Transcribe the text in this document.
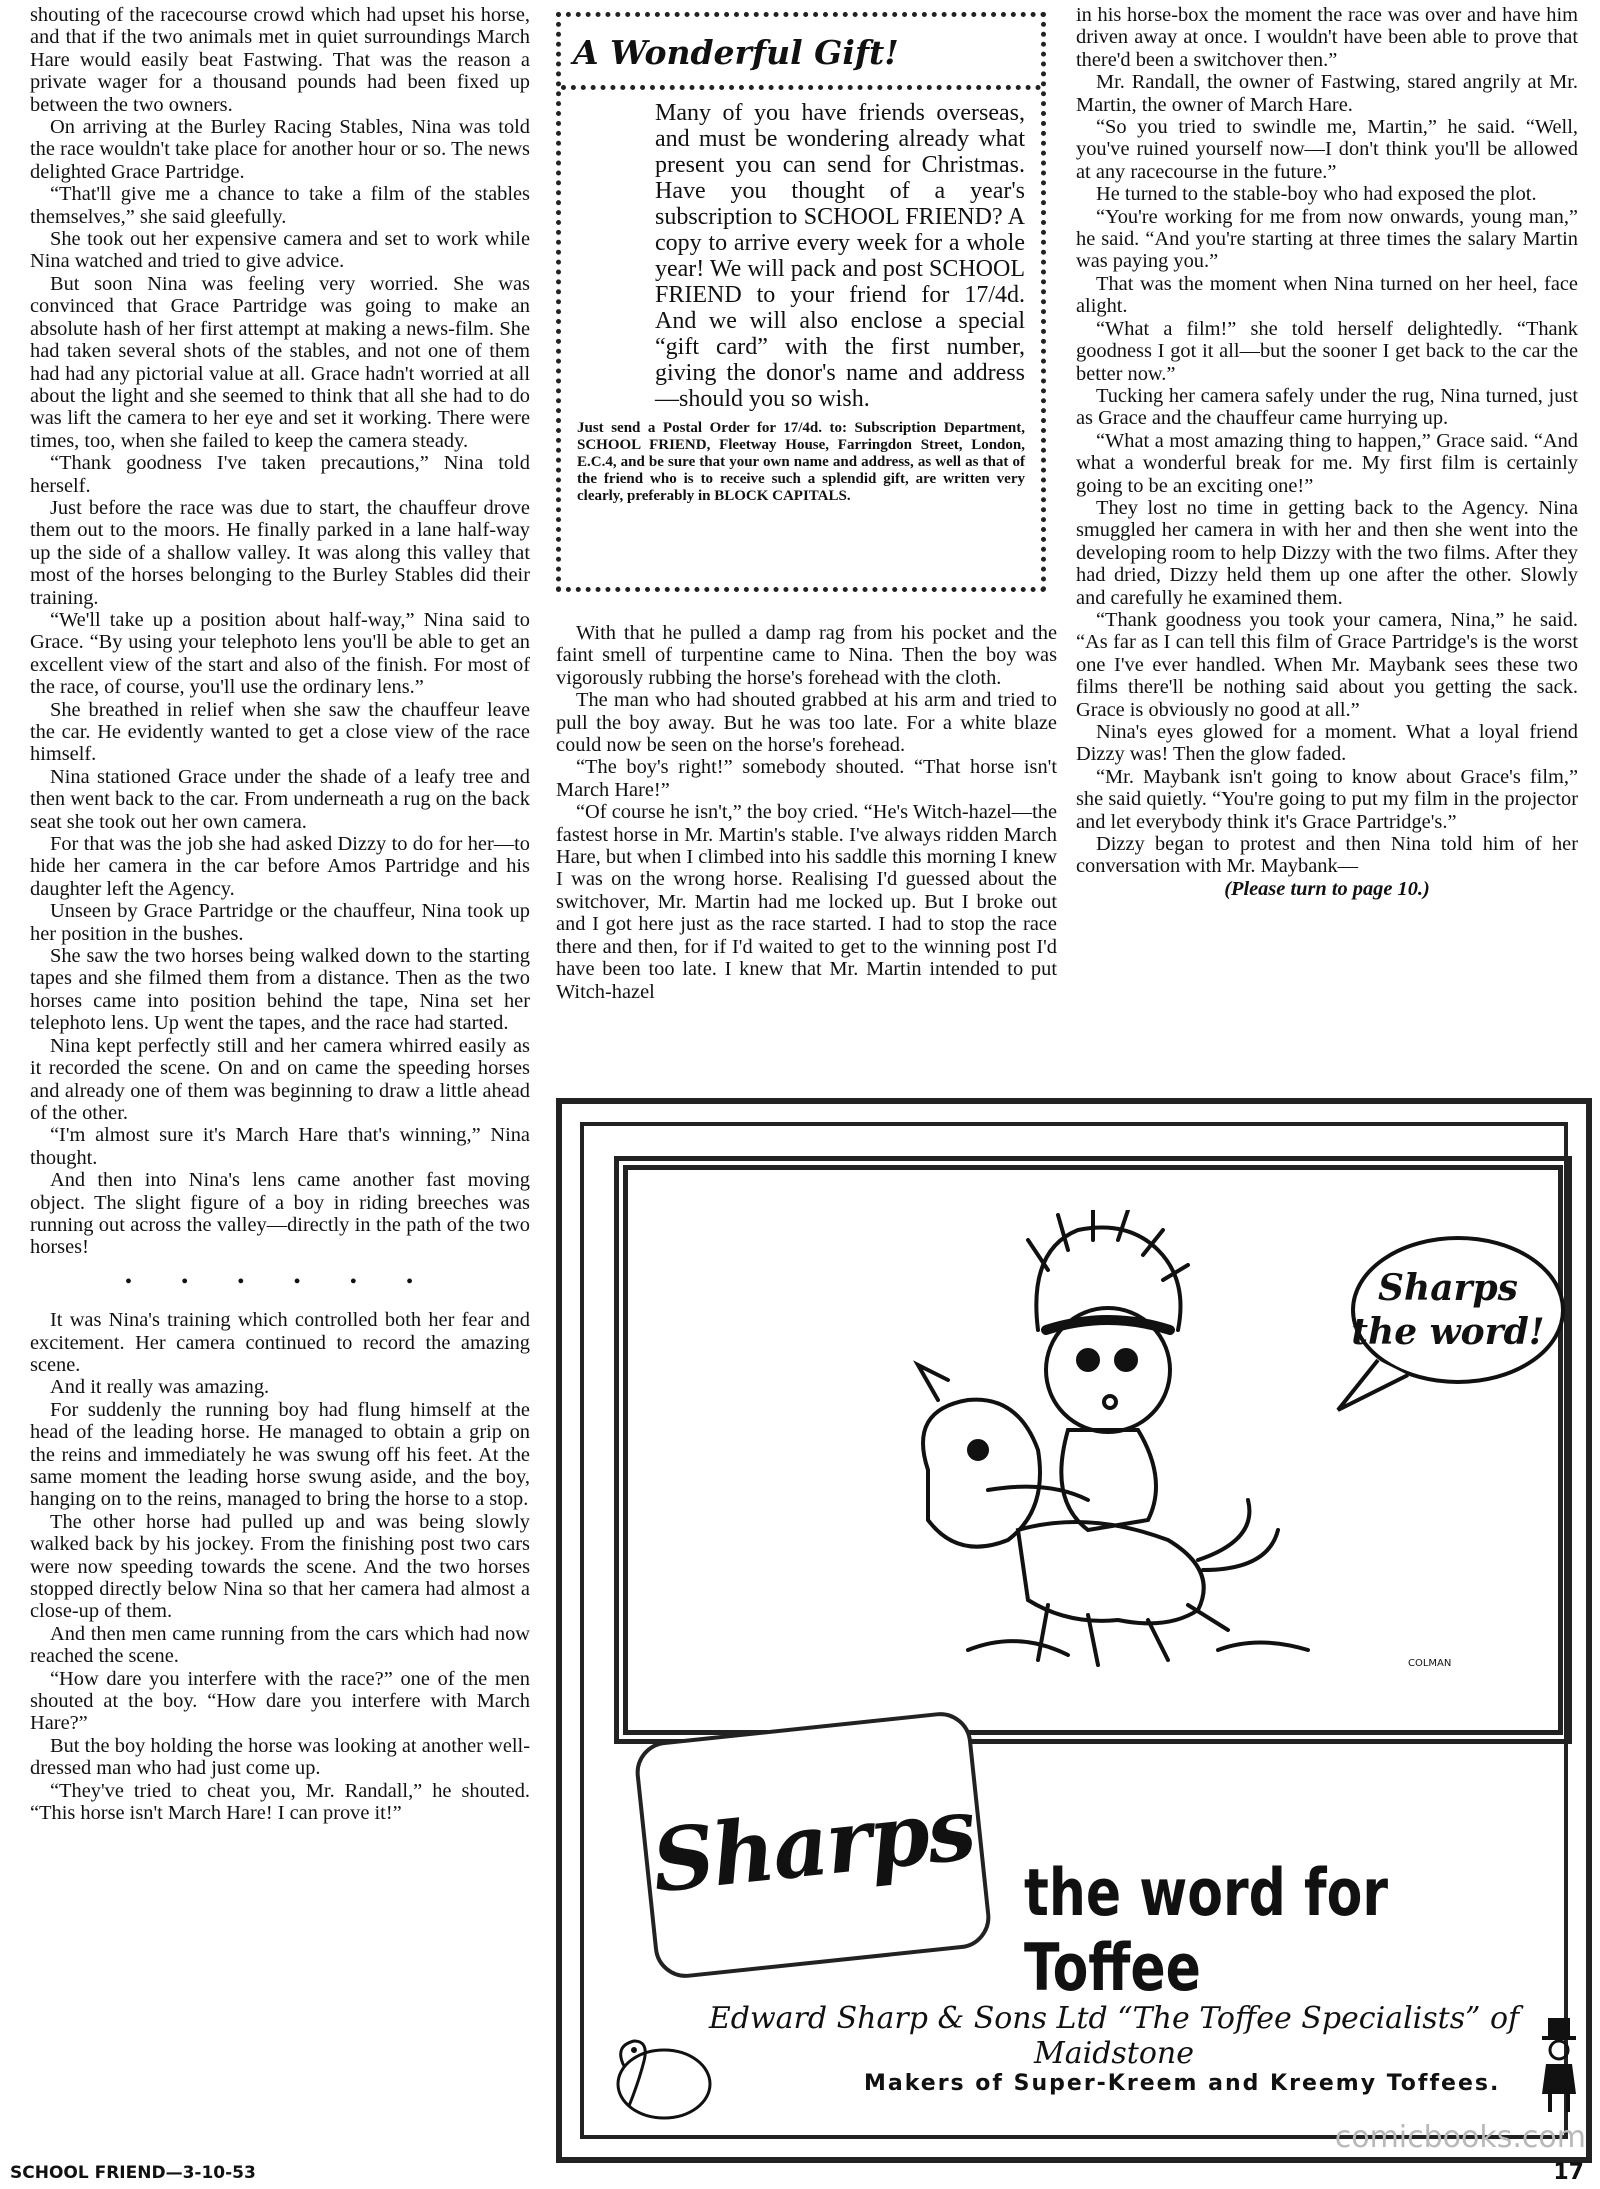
shouting of the racecourse crowd which had upset his horse, and that if the two animals met in quiet surroundings March Hare would easily beat Fastwing. That was the reason a private wager for a thousand pounds had been fixed up between the two owners.

On arriving at the Burley Racing Stables, Nina was told the race wouldn't take place for another hour or so. The news delighted Grace Partridge.

“That'll give me a chance to take a film of the stables themselves,” she said gleefully.

She took out her expensive camera and set to work while Nina watched and tried to give advice.

But soon Nina was feeling very worried. She was convinced that Grace Partridge was going to make an absolute hash of her first attempt at making a news-film. She had taken several shots of the stables, and not one of them had had any pictorial value at all. Grace hadn't worried at all about the light and she seemed to think that all she had to do was lift the camera to her eye and set it working. There were times, too, when she failed to keep the camera steady.

“Thank goodness I've taken precautions,” Nina told herself.

Just before the race was due to start, the chauffeur drove them out to the moors. He finally parked in a lane half-way up the side of a shallow valley. It was along this valley that most of the horses belonging to the Burley Stables did their training.

“We'll take up a position about half-way,” Nina said to Grace. “By using your telephoto lens you'll be able to get an excellent view of the start and also of the finish. For most of the race, of course, you'll use the ordinary lens.”

She breathed in relief when she saw the chauffeur leave the car. He evidently wanted to get a close view of the race himself.

Nina stationed Grace under the shade of a leafy tree and then went back to the car. From underneath a rug on the back seat she took out her own camera.

For that was the job she had asked Dizzy to do for her—to hide her camera in the car before Amos Partridge and his daughter left the Agency.

Unseen by Grace Partridge or the chauffeur, Nina took up her position in the bushes.

She saw the two horses being walked down to the starting tapes and she filmed them from a distance. Then as the two horses came into position behind the tape, Nina set her telephoto lens. Up went the tapes, and the race had started.

Nina kept perfectly still and her camera whirred easily as it recorded the scene. On and on came the speeding horses and already one of them was beginning to draw a little ahead of the other.

“I'm almost sure it's March Hare that's winning,” Nina thought.

And then into Nina's lens came another fast moving object. The slight figure of a boy in riding breeches was running out across the valley—directly in the path of the two horses!

• • • • • •

It was Nina's training which controlled both her fear and excitement. Her camera continued to record the amazing scene.

And it really was amazing.

For suddenly the running boy had flung himself at the head of the leading horse. He managed to obtain a grip on the reins and immediately he was swung off his feet. At the same moment the leading horse swung aside, and the boy, hanging on to the reins, managed to bring the horse to a stop.

The other horse had pulled up and was being slowly walked back by his jockey. From the finishing post two cars were now speeding towards the scene. And the two horses stopped directly below Nina so that her camera had almost a close-up of them.

And then men came running from the cars which had now reached the scene.

“How dare you interfere with the race?” one of the men shouted at the boy. “How dare you interfere with March Hare?”

But the boy holding the horse was looking at another well-dressed man who had just come up.

“They've tried to cheat you, Mr. Randall,” he shouted. “This horse isn't March Hare! I can prove it!”

A Wonderful Gift!
Many of you have friends overseas, and must be wondering already what present you can send for Christmas. Have you thought of a year's subscription to SCHOOL FRIEND? A copy to arrive every week for a whole year! We will pack and post SCHOOL FRIEND to your friend for 17/4d. And we will also enclose a special “gift card” with the first number, giving the donor's name and address—should you so wish.
Just send a Postal Order for 17/4d. to: Subscription Department, SCHOOL FRIEND, Fleetway House, Farringdon Street, London, E.C.4, and be sure that your own name and address, as well as that of the friend who is to receive such a splendid gift, are written very clearly, preferably in BLOCK CAPITALS.

With that he pulled a damp rag from his pocket and the faint smell of turpentine came to Nina. Then the boy was vigorously rubbing the horse's forehead with the cloth.

The man who had shouted grabbed at his arm and tried to pull the boy away. But he was too late. For a white blaze could now be seen on the horse's forehead.

“The boy's right!” somebody shouted. “That horse isn't March Hare!”

“Of course he isn't,” the boy cried. “He's Witch-hazel—the fastest horse in Mr. Martin's stable. I've always ridden March Hare, but when I climbed into his saddle this morning I knew I was on the wrong horse. Realising I'd guessed about the switchover, Mr. Martin had me locked up. But I broke out and I got here just as the race started. I had to stop the race there and then, for if I'd waited to get to the winning post I'd have been too late. I knew that Mr. Martin intended to put Witch-hazel

in his horse-box the moment the race was over and have him driven away at once. I wouldn't have been able to prove that there'd been a switchover then.”

Mr. Randall, the owner of Fastwing, stared angrily at Mr. Martin, the owner of March Hare.

“So you tried to swindle me, Martin,” he said. “Well, you've ruined yourself now—I don't think you'll be allowed at any racecourse in the future.”

He turned to the stable-boy who had exposed the plot.

“You're working for me from now onwards, young man,” he said. “And you're starting at three times the salary Martin was paying you.”

That was the moment when Nina turned on her heel, face alight.

“What a film!” she told herself delightedly. “Thank goodness I got it all—but the sooner I get back to the car the better now.”

Tucking her camera safely under the rug, Nina turned, just as Grace and the chauffeur came hurrying up.

“What a most amazing thing to happen,” Grace said. “And what a wonderful break for me. My first film is certainly going to be an exciting one!”

They lost no time in getting back to the Agency. Nina smuggled her camera in with her and then she went into the developing room to help Dizzy with the two films. After they had dried, Dizzy held them up one after the other. Slowly and carefully he examined them.

“Thank goodness you took your camera, Nina,” he said. “As far as I can tell this film of Grace Partridge's is the worst one I've ever handled. When Mr. Maybank sees these two films there'll be nothing said about you getting the sack. Grace is obviously no good at all.”

Nina's eyes glowed for a moment. What a loyal friend Dizzy was! Then the glow faded.

“Mr. Maybank isn't going to know about Grace's film,” she said quietly. “You're going to put my film in the projector and let everybody think it's Grace Partridge's.”

Dizzy began to protest and then Nina told him of her conversation with Mr. Maybank—

(Please turn to page 10.)

Sharps
the word!
COLMAN
Sharps the word for Toffee
Edward Sharp & Sons Ltd “The Toffee Specialists” of Maidstone
Makers of Super-Kreem and Kreemy Toffees.
SCHOOL FRIEND—3-10-53
comicbooks.com
17
